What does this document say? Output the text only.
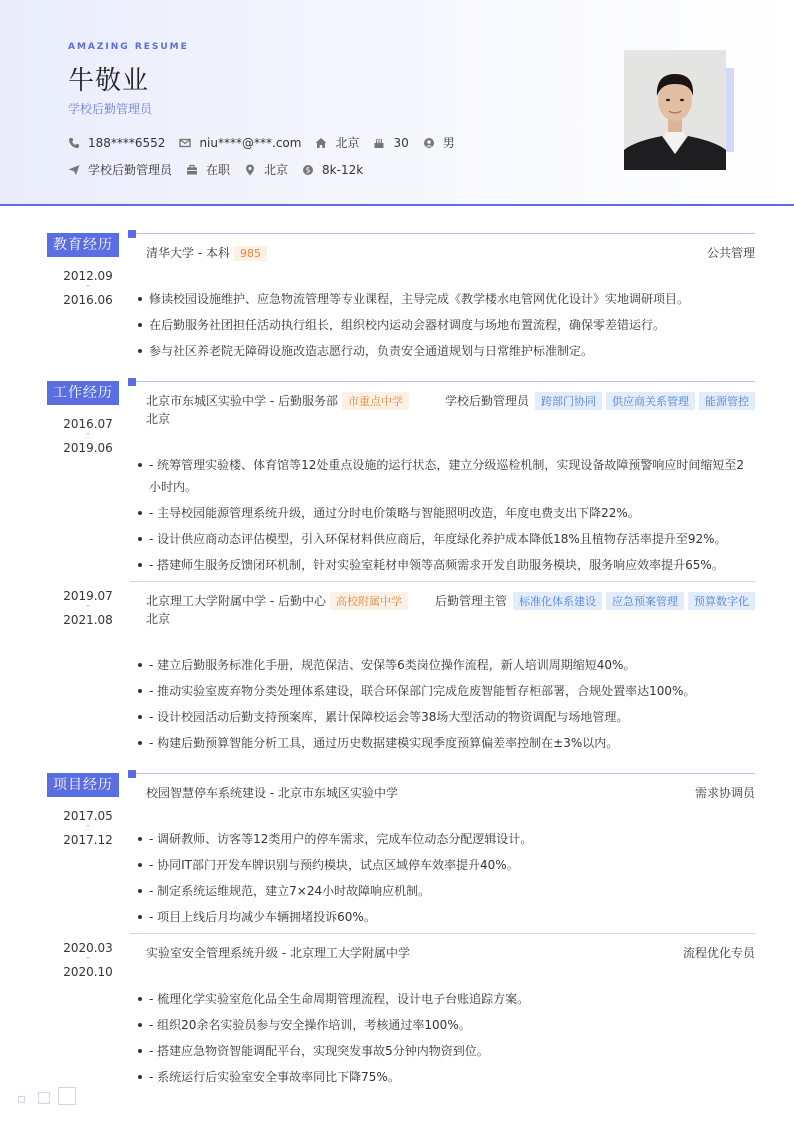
AMAZING RESUME
牛敬业
学校后勤管理员
188****6552	niu****@***.com	北京	30	男
学校后勤管理员	在职	北京 $ 8k-12k
教育经历
2012.09
-
2016.06
清华大学 - 本科 985	公共管理
修读校园设施维护、应急物流管理等专业课程，主导完成《教学楼水电管网优化设计》实地调研项目。
在后勤服务社团担任活动执行组长，组织校内运动会器材调度与场地布置流程，确保零差错运行。
参与社区养老院无障碍设施改造志愿行动，负责安全通道规划与日常维护标准制定。
工作经历
2016.07
-
2019.06
北京市东城区实验中学 - 后勤服务部 市重点中学	学校后勤管理员 跨部门协同 供应商关系管理 能源管控
北京
- 统筹管理实验楼、体育馆等12处重点设施的运行状态，建立分级巡检机制，实现设备故障预警响应时间缩短至2小时内。
- 主导校园能源管理系统升级，通过分时电价策略与智能照明改造，年度电费支出下降22%。
- 设计供应商动态评估模型，引入环保材料供应商后，年度绿化养护成本降低18%且植物存活率提升至92%。
- 搭建师生服务反馈闭环机制，针对实验室耗材申领等高频需求开发自助服务模块，服务响应效率提升65%。
2019.07
-
2021.08
北京理工大学附属中学 - 后勤中心 高校附属中学	后勤管理主管 标准化体系建设 应急预案管理 预算数字化
北京
- 建立后勤服务标准化手册，规范保洁、安保等6类岗位操作流程，新人培训周期缩短40%。
- 推动实验室废弃物分类处理体系建设，联合环保部门完成危废智能暂存柜部署，合规处置率达100%。
- 设计校园活动后勤支持预案库，累计保障校运会等38场大型活动的物资调配与场地管理。
- 构建后勤预算智能分析工具，通过历史数据建模实现季度预算偏差率控制在±3%以内。
项目经历
2017.05
-
2017.12
校园智慧停车系统建设 - 北京市东城区实验中学	需求协调员
- 调研教师、访客等12类用户的停车需求，完成车位动态分配逻辑设计。
- 协同IT部门开发车牌识别与预约模块，试点区域停车效率提升40%。
- 制定系统运维规范，建立7×24小时故障响应机制。
- 项目上线后月均减少车辆拥堵投诉60%。
2020.03
-
2020.10
实验室安全管理系统升级 - 北京理工大学附属中学	流程优化专员
- 梳理化学实验室危化品全生命周期管理流程，设计电子台账追踪方案。
- 组织20余名实验员参与安全操作培训，考核通过率100%。
- 搭建应急物资智能调配平台，实现突发事故5分钟内物资到位。
- 系统运行后实验室安全事故率同比下降75%。
